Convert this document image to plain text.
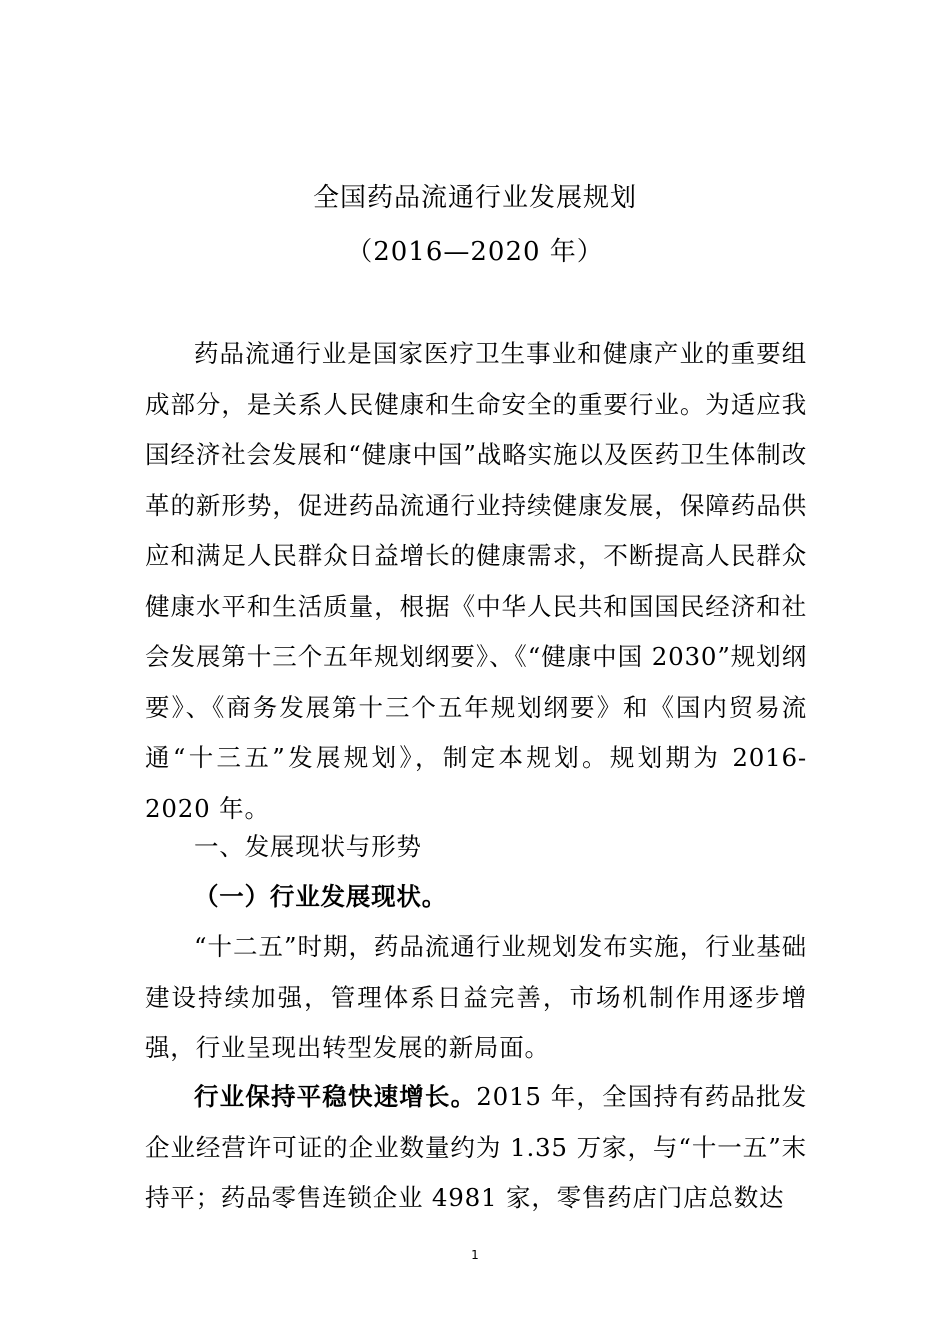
全国药品流通行业发展规划
（2016—2020 年）

药品流通行业是国家医疗卫生事业和健康产业的重要组成部分，是关系人民健康和生命安全的重要行业。为适应我国经济社会发展和“健康中国”战略实施以及医药卫生体制改革的新形势，促进药品流通行业持续健康发展，保障药品供应和满足人民群众日益增长的健康需求，不断提高人民群众健康水平和生活质量，根据《中华人民共和国国民经济和社会发展第十三个五年规划纲要》、《“健康中国 2030”规划纲要》、《商务发展第十三个五年规划纲要》和《国内贸易流通“十三五”发展规划》，制定本规划。规划期为 2016-2020 年。

一、发展现状与形势

（一）行业发展现状。

“十二五”时期，药品流通行业规划发布实施，行业基础建设持续加强，管理体系日益完善，市场机制作用逐步增强，行业呈现出转型发展的新局面。

行业保持平稳快速增长。2015 年，全国持有药品批发企业经营许可证的企业数量约为 1.35 万家，与“十一五”末持平；药品零售连锁企业 4981 家，零售药店门店总数达

1
